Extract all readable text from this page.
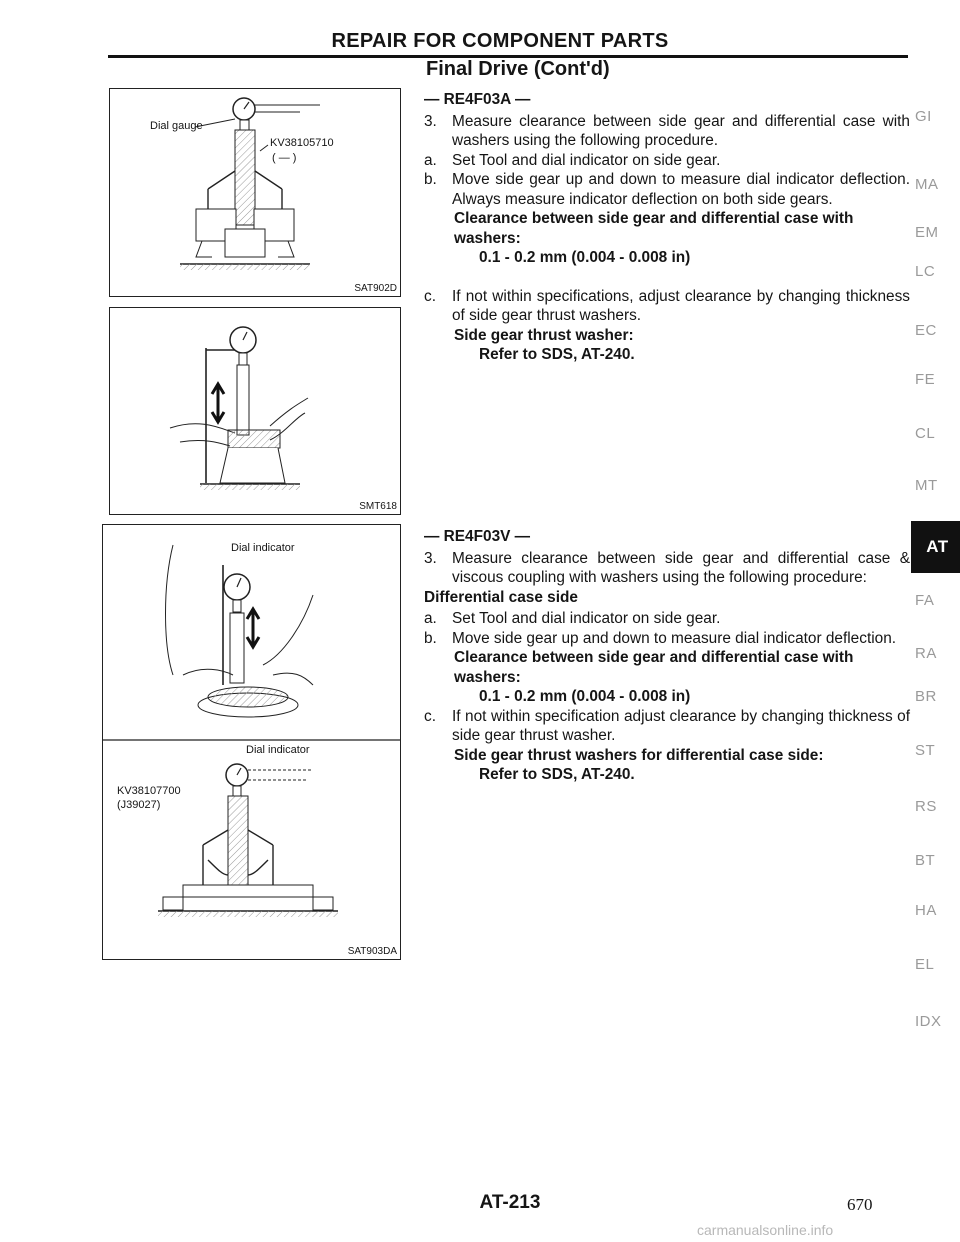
REPAIR FOR COMPONENT PARTS
Final Drive (Cont'd)
Dial gauge
KV38105710
( — )
SAT902D
SMT618
Dial indicator
Dial indicator
KV38107700
(J39027)
SAT903DA

— RE4F03A —

3. Measure clearance between side gear and differential case with washers using the following procedure.
a. Set Tool and dial indicator on side gear.
b. Move side gear up and down to measure dial indicator deflection. Always measure indicator deflection on both side gears.

Clearance between side gear and differential case with washers:

0.1 - 0.2 mm (0.004 - 0.008 in)

c.	If not within specifications, adjust clearance by changing thickness of side gear thrust washers.

Side gear thrust washer:

Refer to SDS, AT-240.

— RE4F03V —

3. Measure clearance between side gear and differential case & viscous coupling with washers using the following procedure:

Differential case side

a. Set Tool and dial indicator on side gear.
b. Move side gear up and down to measure dial indicator deflection.

Clearance between side gear and differential case with washers:

0.1 - 0.2 mm (0.004 - 0.008 in)

c.	If not within specification adjust clearance by changing thickness of side gear thrust washer.

Side gear thrust washers for differential case side:

Refer to SDS, AT-240.

GI
MA
EM
LC
EC
FE
CL
MT
AT
FA
RA
BR
ST
RS
BT
HA
EL
IDX
AT-213	670
carmanualsonline.info
